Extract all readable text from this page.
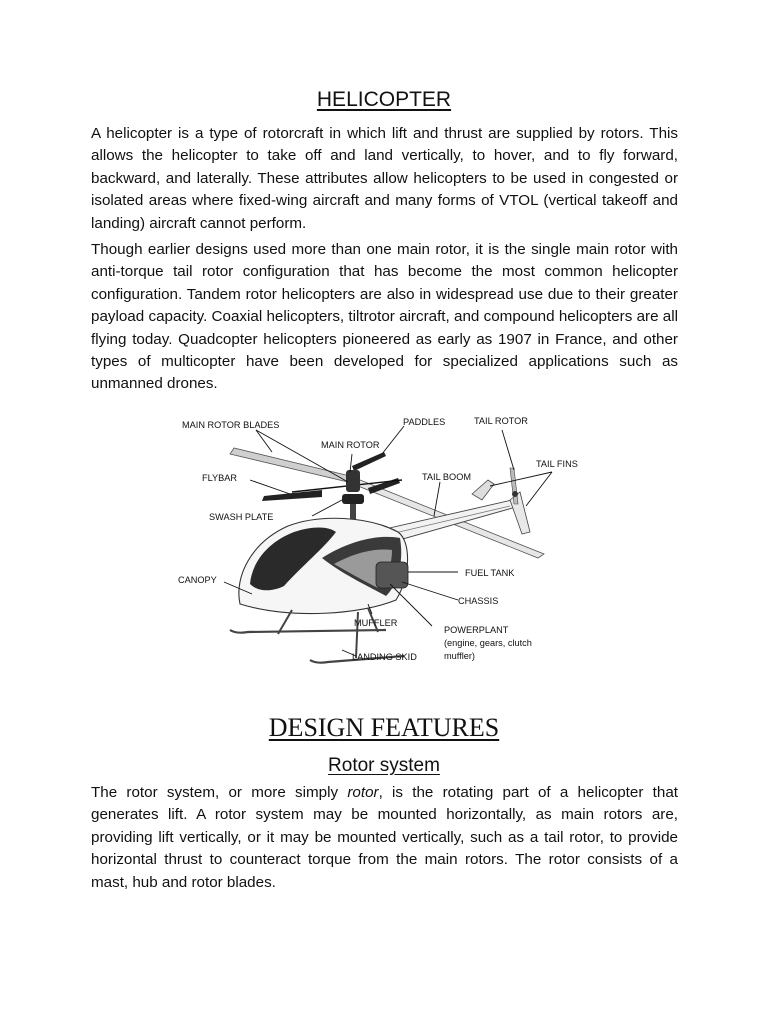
HELICOPTER

A helicopter is a type of rotorcraft in which lift and thrust are supplied by rotors. This allows the helicopter to take off and land vertically, to hover, and to fly forward, backward, and laterally. These attributes allow helicopters to be used in congested or isolated areas where fixed-wing aircraft and many forms of VTOL (vertical takeoff and landing) aircraft cannot perform.

Though earlier designs used more than one main rotor, it is the single main rotor with anti-torque tail rotor configuration that has become the most common helicopter configuration. Tandem rotor helicopters are also in widespread use due to their greater payload capacity. Coaxial helicopters, tiltrotor aircraft, and compound helicopters are all flying today. Quadcopter helicopters pioneered as early as 1907 in France, and other types of multicopter have been developed for specialized applications such as unmanned drones.

MAIN ROTOR BLADES	PADDLES	TAIL ROTOR
MAIN ROTOR
TAIL FINS
FLYBAR	TAIL BOOM
SWASH PLATE
CANOPY
FUEL TANK
CHASSIS
MUFFLER
POWERPLANT
(engine, gears, clutch
muffler)
LANDING SKID
DESIGN FEATURES
Rotor system

The rotor system, or more simply rotor, is the rotating part of a helicopter that generates lift. A rotor system may be mounted horizontally, as main rotors are, providing lift vertically, or it may be mounted vertically, such as a tail rotor, to provide horizontal thrust to counteract torque from the main rotors. The rotor consists of a mast, hub and rotor blades.
